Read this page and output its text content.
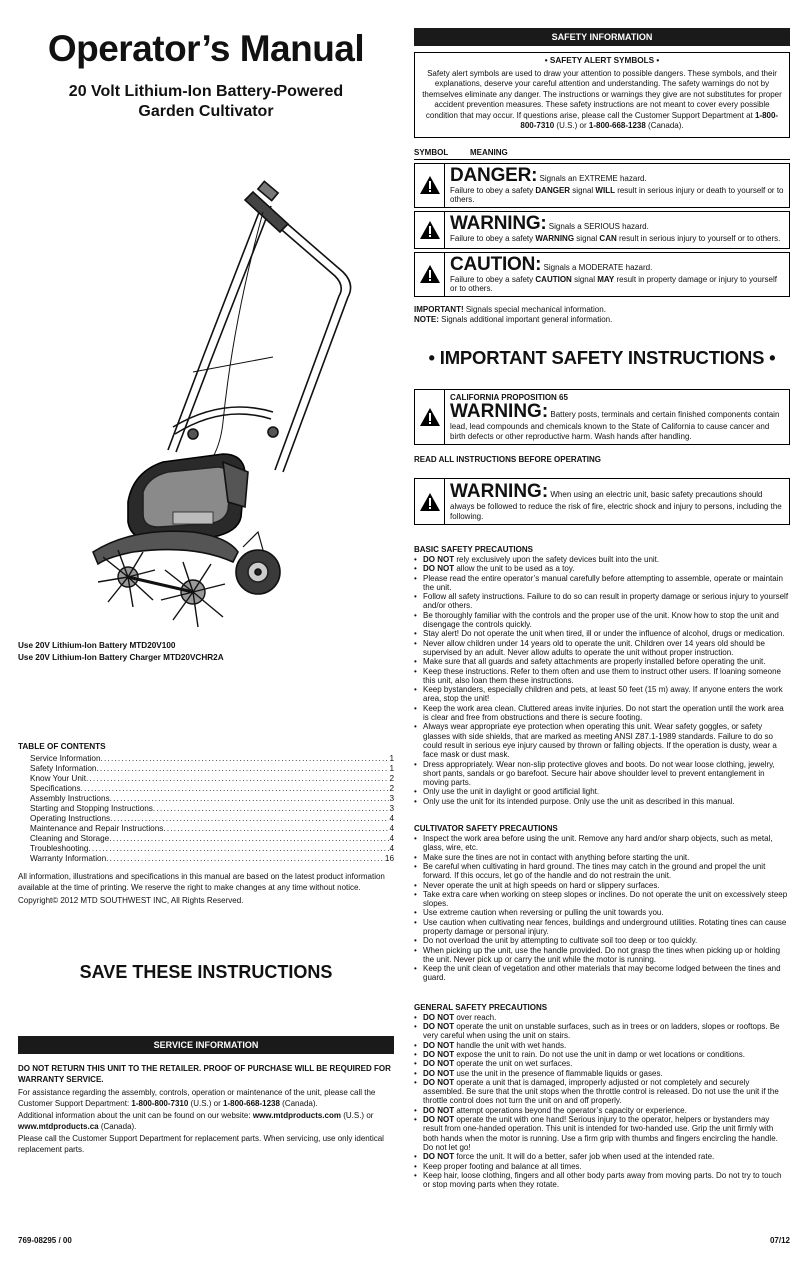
Operator’s Manual
20 Volt Lithium-Ion Battery-Powered
Garden Cultivator
Use 20V Lithium-Ion Battery MTD20V100
Use 20V Lithium-Ion Battery Charger MTD20VCHR2A
TABLE OF CONTENTS
Service Information .....	1
Safety Information .....	1
Know Your Unit .....	2
Specifications .....	2
Assembly Instructions .....	3
Starting and Stopping Instructions .....	3
Operating Instructions .....	4
Maintenance and Repair Instructions .....	4
Cleaning and Storage .....	4
Troubleshooting .....	4
Warranty Information .....	16

All information, illustrations and specifications in this manual are based on the latest product information available at the time of printing. We reserve the right to make changes at any time without notice.

Copyright© 2012 MTD SOUTHWEST INC, All Rights Reserved.

SAVE THESE INSTRUCTIONS
SERVICE INFORMATION

DO NOT RETURN THIS UNIT TO THE RETAILER. PROOF OF PURCHASE WILL BE REQUIRED FOR WARRANTY SERVICE.

For assistance regarding the assembly, controls, operation or maintenance of the unit, please call the Customer Support Department: 1-800-800-7310 (U.S.) or 1-800-668-1238 (Canada).

Additional information about the unit can be found on our website: www.mtdproducts.com (U.S.) or www.mtdproducts.ca (Canada).

Please call the Customer Support Department for replacement parts. When servicing, use only identical replacement parts.

769-08295 / 00	07/12
SAFETY INFORMATION
• SAFETY ALERT SYMBOLS •
Safety alert symbols are used to draw your attention to possible dangers. These symbols, and their explanations, deserve your careful attention and understanding. The safety warnings do not by themselves eliminate any danger. The instructions or warnings they give are not substitutes for proper accident prevention measures. These safety instructions are not meant to cover every possible condition that may occur. If questions arise, please call the Customer Support Department at 1-800-800-7310 (U.S.) or 1-800-668-1238 (Canada).
SYMBOL	MEANING
DANGER: Signals an EXTREME hazard.
Failure to obey a safety DANGER signal WILL result in serious injury or death to yourself or to others.
WARNING: Signals a SERIOUS hazard.
Failure to obey a safety WARNING signal CAN result in serious injury to yourself or to others.
CAUTION: Signals a MODERATE hazard.
Failure to obey a safety CAUTION signal MAY result in property damage or injury to yourself or to others.
IMPORTANT! Signals special mechanical information.
NOTE: Signals additional important general information.
• IMPORTANT SAFETY INSTRUCTIONS •
CALIFORNIA PROPOSITION 65
WARNING: Battery posts, terminals and certain finished components contain lead, lead compounds and chemicals known to the State of California to cause cancer and birth defects or other reproductive harm. Wash hands after handling.
READ ALL INSTRUCTIONS BEFORE OPERATING
WARNING: When using an electric unit, basic safety precautions should always be followed to reduce the risk of fire, electric shock and injury to persons, including the following.
BASIC SAFETY PRECAUTIONS
• DO NOT rely exclusively upon the safety devices built into the unit.
• DO NOT allow the unit to be used as a toy.
• Please read the entire operator’s manual carefully before attempting to assemble, operate or maintain the unit.
• Follow all safety instructions. Failure to do so can result in property damage or serious injury to yourself and/or others.
• Be thoroughly familiar with the controls and the proper use of the unit. Know how to stop the unit and disengage the controls quickly.
• Stay alert! Do not operate the unit when tired, ill or under the influence of alcohol, drugs or medication.
• Never allow children under 14 years old to operate the unit. Children over 14 years old should be supervised by an adult. Never allow adults to operate the unit without proper instruction.
• Make sure that all guards and safety attachments are properly installed before operating the unit.
• Keep these instructions. Refer to them often and use them to instruct other users. If loaning someone this unit, also loan them these instructions.
• Keep bystanders, especially children and pets, at least 50 feet (15 m) away. If anyone enters the work area, stop the unit!
• Keep the work area clean. Cluttered areas invite injuries. Do not start the operation until the work area is clear and free from obstructions and there is secure footing.
• Always wear appropriate eye protection when operating this unit. Wear safety goggles, or safety glasses with side shields, that are marked as meeting ANSI Z87.1-1989 standards. Failure to do so could result in serious eye injury caused by thrown or falling objects. If the operation is dusty, wear a face mask or dust mask.
• Dress appropriately. Wear non-slip protective gloves and boots. Do not wear loose clothing, jewelry, short pants, sandals or go barefoot. Secure hair above shoulder level to prevent entanglement in moving parts.
• Only use the unit in daylight or good artificial light.
• Only use the unit for its intended purpose. Only use the unit as described in this manual.
CULTIVATOR SAFETY PRECAUTIONS
• Inspect the work area before using the unit. Remove any hard and/or sharp objects, such as metal, glass, wire, etc.
• Make sure the tines are not in contact with anything before starting the unit.
• Be careful when cultivating in hard ground. The tines may catch in the ground and propel the unit forward. If this occurs, let go of the handle and do not restrain the unit.
• Never operate the unit at high speeds on hard or slippery surfaces.
• Take extra care when working on steep slopes or inclines. Do not operate the unit on excessively steep slopes.
• Use extreme caution when reversing or pulling the unit towards you.
• Use caution when cultivating near fences, buildings and underground utilities. Rotating tines can cause property damage or personal injury.
• Do not overload the unit by attempting to cultivate soil too deep or too quickly.
• When picking up the unit, use the handle provided. Do not grasp the tines when picking up or holding the unit. Never pick up or carry the unit while the motor is running.
• Keep the unit clean of vegetation and other materials that may become lodged between the tines and guard.
GENERAL SAFETY PRECAUTIONS
• DO NOT over reach.
• DO NOT operate the unit on unstable surfaces, such as in trees or on ladders, slopes or rooftops. Be very careful when using the unit on stairs.
• DO NOT handle the unit with wet hands.
• DO NOT expose the unit to rain. Do not use the unit in damp or wet locations or conditions.
• DO NOT operate the unit on wet surfaces.
• DO NOT use the unit in the presence of flammable liquids or gases.
• DO NOT operate a unit that is damaged, improperly adjusted or not completely and securely assembled. Be sure that the unit stops when the throttle control is released. Do not use the unit if the throttle control does not turn the unit on and off properly.
• DO NOT attempt operations beyond the operator’s capacity or experience.
• DO NOT operate the unit with one hand! Serious injury to the operator, helpers or bystanders may result from one-handed operation. This unit is intended for two-handed use. Grip the unit firmly with both hands when the motor is running. Use a firm grip with thumbs and fingers encircling the handle. Do not let go!
• DO NOT force the unit. It will do a better, safer job when used at the intended rate.
• Keep proper footing and balance at all times.
• Keep hair, loose clothing, fingers and all other body parts away from moving parts. Do not try to touch or stop moving parts when they rotate.
